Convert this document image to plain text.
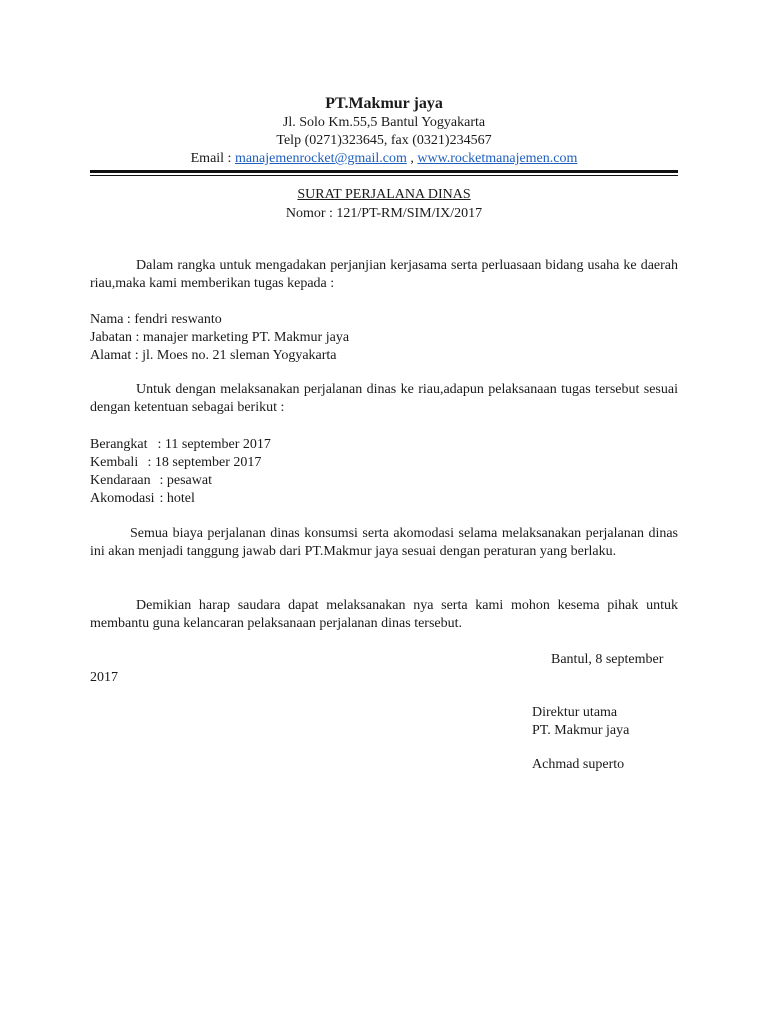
PT.Makmur jaya
Jl. Solo Km.55,5 Bantul Yogyakarta
Telp (0271)323645, fax (0321)234567
Email : manajemenrocket@gmail.com , www.rocketmanajemen.com
SURAT PERJALANA DINAS
Nomor : 121/PT-RM/SIM/IX/2017
Dalam rangka untuk mengadakan perjanjian kerjasama serta perluasaan bidang usaha ke daerah riau,maka kami memberikan tugas kepada :
Nama : fendri reswanto
Jabatan : manajer marketing PT. Makmur jaya
Alamat : jl. Moes no. 21 sleman Yogyakarta
Untuk dengan melaksanakan perjalanan dinas ke riau,adapun pelaksanaan tugas tersebut sesuai dengan ketentuan sebagai berikut :
Berangkat : 11 september 2017
Kembali : 18 september 2017
Kendaraan : pesawat
Akomodasi : hotel
Semua biaya perjalanan dinas konsumsi serta akomodasi selama melaksanakan perjalanan dinas ini akan menjadi tanggung jawab dari PT.Makmur jaya sesuai dengan peraturan yang berlaku.
Demikian harap saudara dapat melaksanakan nya serta kami mohon kesema pihak untuk membantu guna kelancaran pelaksanaan perjalanan dinas tersebut.
Bantul, 8 september
2017
Direktur utama
PT. Makmur jaya
Achmad superto
